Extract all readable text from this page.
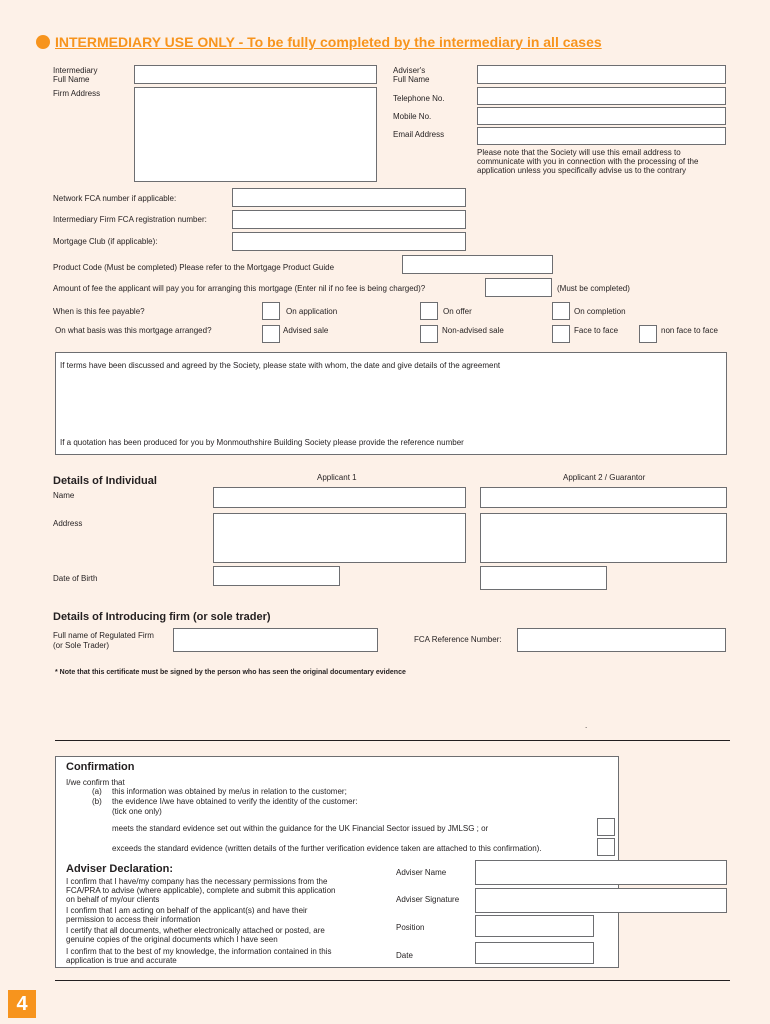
INTERMEDIARY USE ONLY - To be fully completed by the intermediary in all cases
Intermediary
Full Name
Firm Address
Adviser's
Full Name
Telephone No.
Mobile No.
Email Address
Please note that the Society will use this email address to
communicate with you in connection with the processing of the
application unless you specifically advise us to the contrary
Network FCA number if applicable:
Intermediary Firm FCA registration number:
Mortgage Club (if applicable):
Product Code (Must be completed) Please refer to the Mortgage Product Guide
Amount of fee the applicant will pay you for arranging this mortgage (Enter nil if no fee is being charged)?	(Must be completed)
When is this fee payable?	On application	On offer	On completion
On what basis was this mortgage arranged?	Advised sale	Non-advised sale	Face to face	non face to face
If terms have been discussed and agreed by the Society, please state with whom, the date and give details of the agreement
If a quotation has been produced for you by Monmouthshire Building Society please provide the reference number
Details of Individual	Applicant 1	Applicant 2 / Guarantor
Name
Address
Date of Birth
Details of Introducing firm (or sole trader)
Full name of Regulated Firm
(or Sole Trader)
FCA Reference Number:
* Note that this certificate must be signed by the person who has seen the original documentary evidence
.
Confirmation
I/we confirm that
(a) this information was obtained by me/us in relation to the customer;
(b) the evidence I/we have obtained to verify the identity of the customer:
(tick one only)
meets the standard evidence set out within the guidance for the UK Financial Sector issued by JMLSG ; or
exceeds the standard evidence (written details of the further verification evidence taken are attached to this confirmation).
Adviser Declaration:
I confirm that I have/my company has the necessary permissions from the
FCA/PRA to advise (where applicable), complete and submit this application
on behalf of my/our clients
I confirm that I am acting on behalf of the applicant(s) and have their
permission to access their information
I certify that all documents, whether electronically attached or posted, are
genuine copies of the original documents which I have seen
I confirm that to the best of my knowledge, the information contained in this
application is true and accurate
Adviser Name
Adviser Signature
Position
Date
4
